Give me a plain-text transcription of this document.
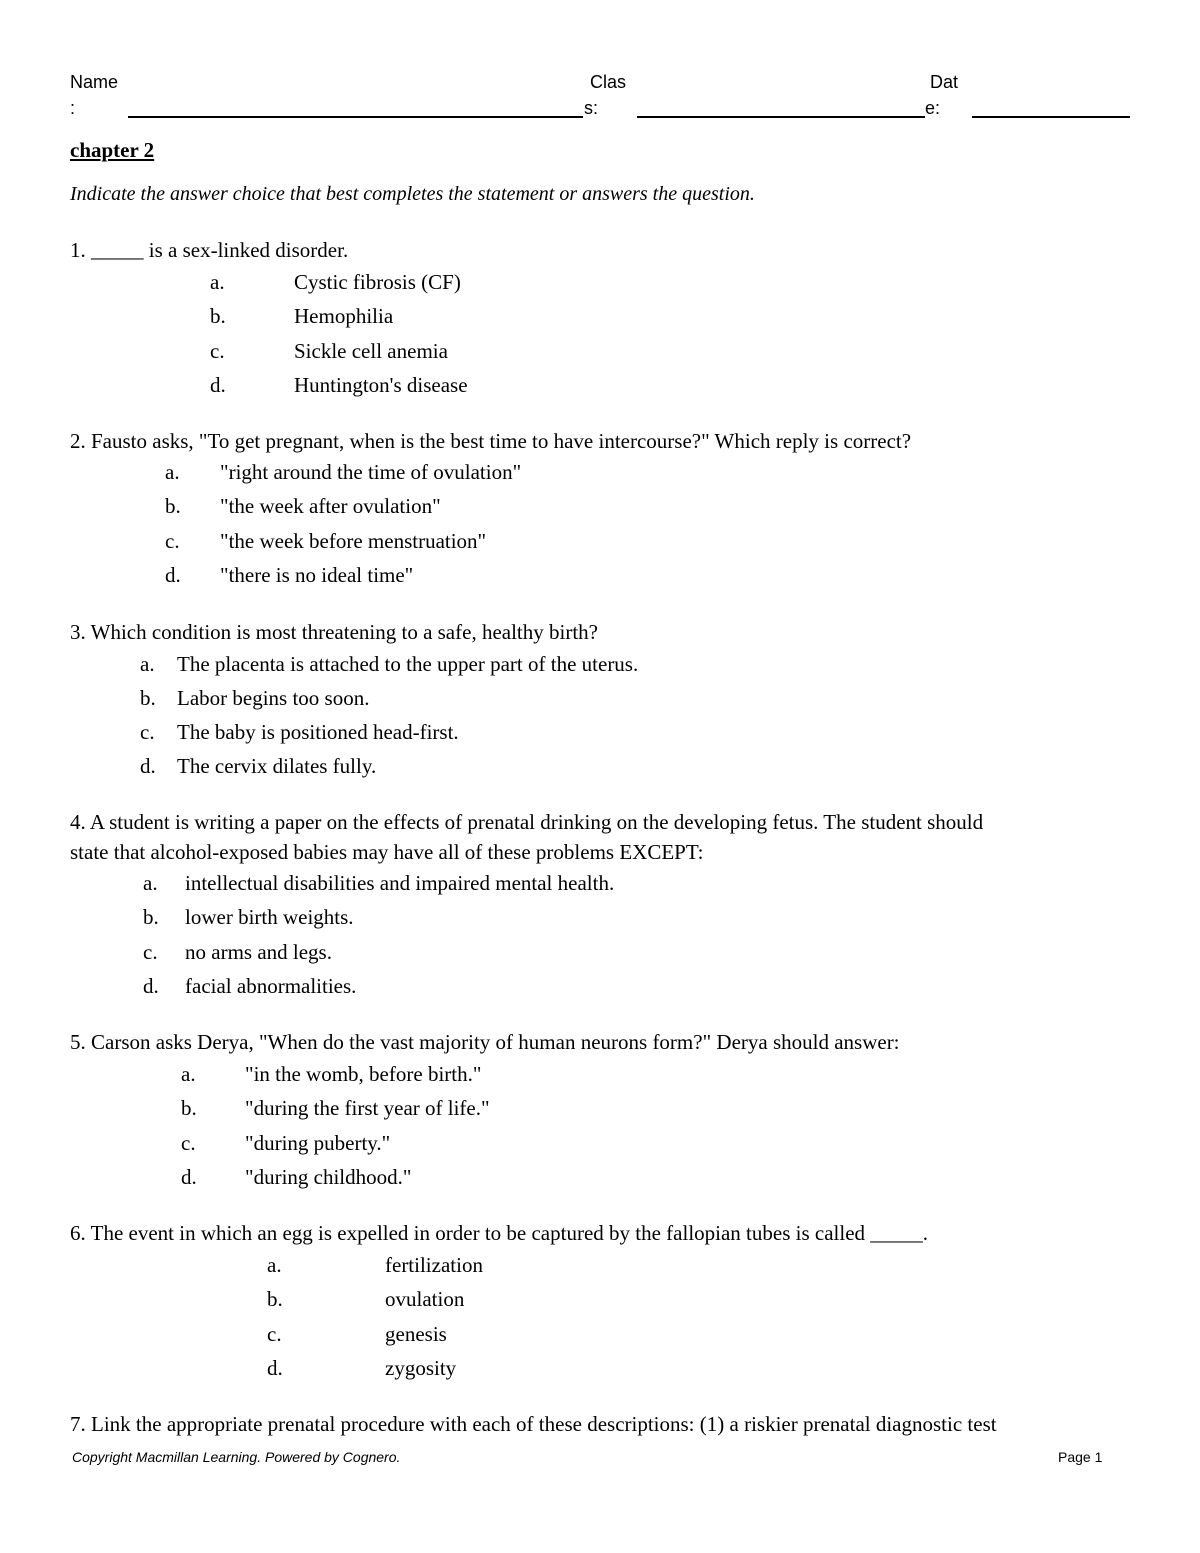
Name
:
Clas
s:
Dat
e:
chapter 2
Indicate the answer choice that best completes the statement or answers the question.
1. _____ is a sex-linked disorder.
a.	Cystic fibrosis (CF)
b.	Hemophilia
c.	Sickle cell anemia
d.	Huntington's disease
2. Fausto asks, "To get pregnant, when is the best time to have intercourse?" Which reply is correct?
a. "right around the time of ovulation"
b. "the week after ovulation"
c. "the week before menstruation"
d. "there is no ideal time"
3. Which condition is most threatening to a safe, healthy birth?
a. The placenta is attached to the upper part of the uterus.
b. Labor begins too soon.
c. The baby is positioned head-first.
d. The cervix dilates fully.
4. A student is writing a paper on the effects of prenatal drinking on the developing fetus. The student should
state that alcohol-exposed babies may have all of these problems EXCEPT:
a. intellectual disabilities and impaired mental health.
b. lower birth weights.
c. no arms and legs.
d. facial abnormalities.
5. Carson asks Derya, "When do the vast majority of human neurons form?" Derya should answer:
a. "in the womb, before birth."
b. "during the first year of life."
c. "during puberty."
d. "during childhood."
6. The event in which an egg is expelled in order to be captured by the fallopian tubes is called _____.
a.	fertilization
b.	ovulation
c.	genesis
d.	zygosity
7. Link the appropriate prenatal procedure with each of these descriptions: (1) a riskier prenatal diagnostic test
Copyright Macmillan Learning. Powered by Cognero.	Page 1
